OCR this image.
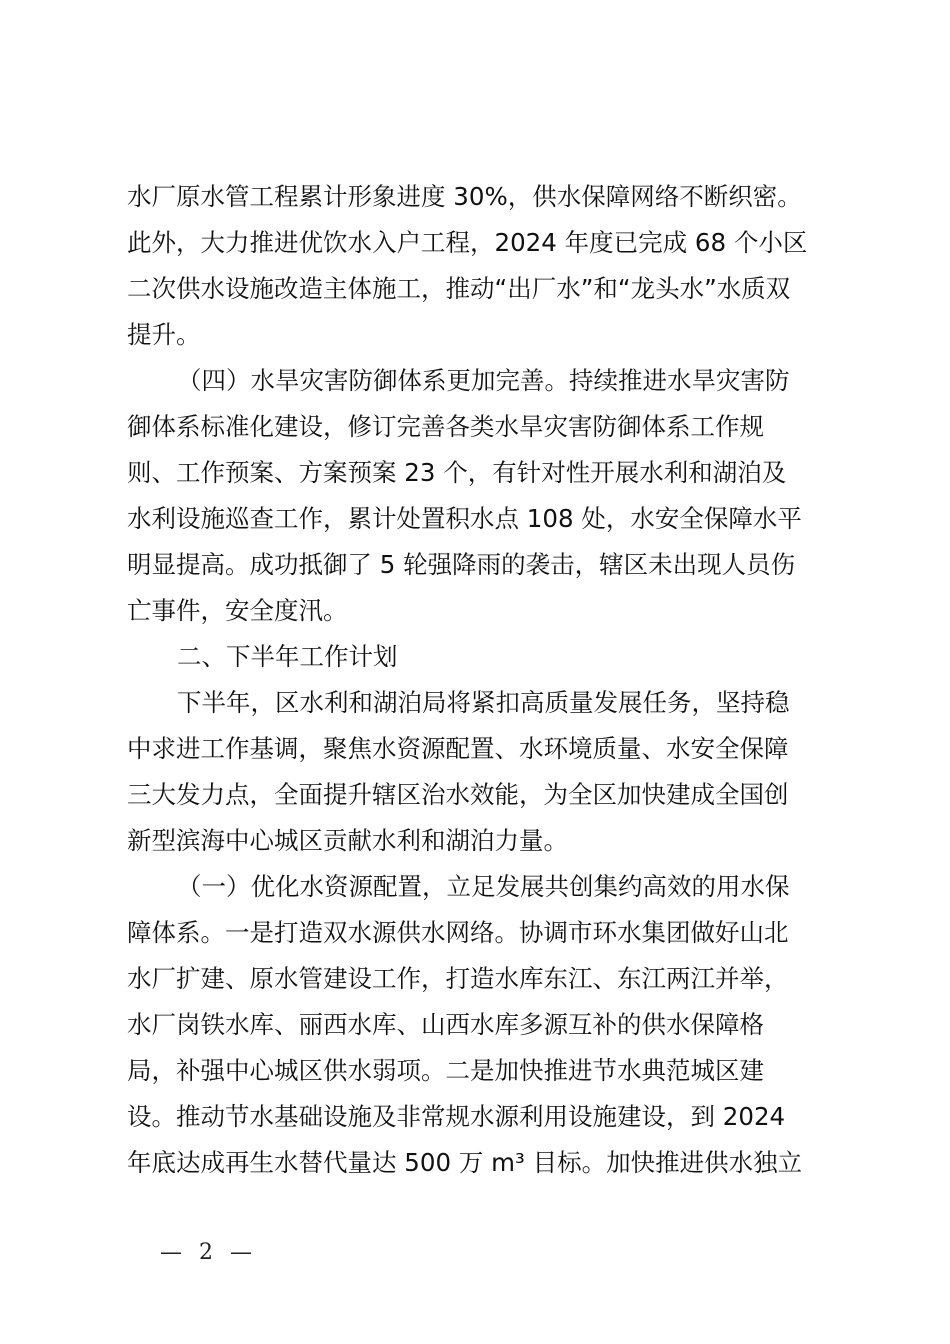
水厂原水管工程累计形象进度 30%，供水保障网络不断织密。
此外，大力推进优饮水入户工程，2024 年度已完成 68 个小区
二次供水设施改造主体施工，推动“出厂水”和“龙头水”水质双
提升。
（四）水旱灾害防御体系更加完善。持续推进水旱灾害防
御体系标准化建设，修订完善各类水旱灾害防御体系工作规
则、工作预案、方案预案 23 个，有针对性开展水利和湖泊及
水利设施巡查工作，累计处置积水点 108 处，水安全保障水平
明显提高。成功抵御了 5 轮强降雨的袭击，辖区未出现人员伤
亡事件，安全度汛。
二、下半年工作计划
下半年，区水利和湖泊局将紧扣高质量发展任务，坚持稳
中求进工作基调，聚焦水资源配置、水环境质量、水安全保障
三大发力点，全面提升辖区治水效能，为全区加快建成全国创
新型滨海中心城区贡献水利和湖泊力量。
（一）优化水资源配置，立足发展共创集约高效的用水保
障体系。一是打造双水源供水网络。协调市环水集团做好山北
水厂扩建、原水管建设工作，打造水库东江、东江两江并举，
水厂岗铁水库、丽西水库、山西水库多源互补的供水保障格
局，补强中心城区供水弱项。二是加快推进节水典范城区建
设。推动节水基础设施及非常规水源利用设施建设，到 2024
年底达成再生水替代量达 500 万 m³ 目标。加快推进供水独立
— 2 —
